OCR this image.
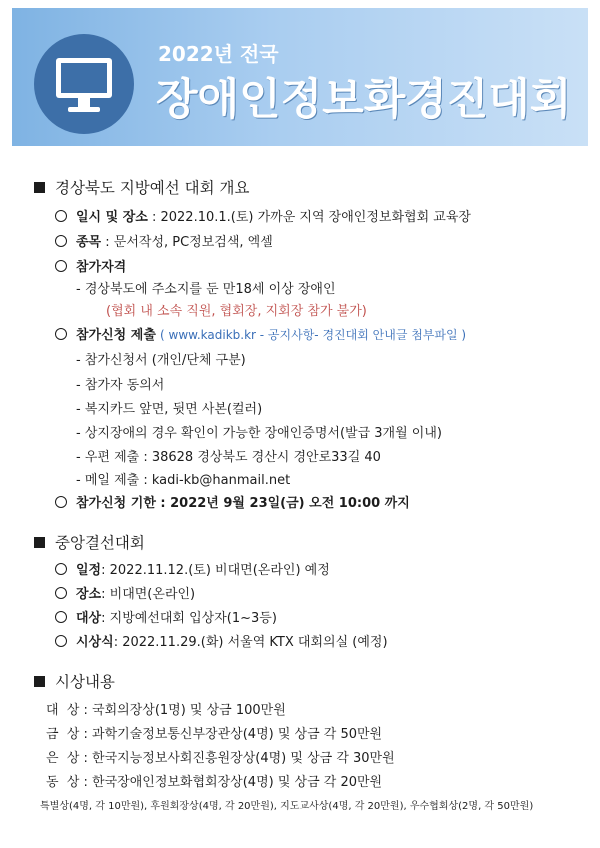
2022년 전국
장애인정보화경진대회
경상북도 지방예선 대회 개요
일시 및 장소 : 2022.10.1.(토) 가까운 지역 장애인정보화협회 교육장
종목 : 문서작성, PC정보검색, 엑셀
참가자격
- 경상북도에 주소지를 둔 만18세 이상 장애인
(협회 내 소속 직원, 협회장, 지회장 참가 불가)
참가신청 제출 ( www.kadikb.kr - 공지사항- 경진대회 안내글 첨부파일 )
- 참가신청서 (개인/단체 구분)
- 참가자 동의서
- 복지카드 앞면, 뒷면 사본(컬러)
- 상지장애의 경우 확인이 가능한 장애인증명서(발급 3개월 이내)
- 우편 제출 : 38628 경상북도 경산시 경안로33길 40
- 메일 제출 : kadi-kb@hanmail.net
참가신청 기한 : 2022년 9월 23일(금) 오전 10:00 까지
중앙결선대회
일정: 2022.11.12.(토) 비대면(온라인) 예정
장소: 비대면(온라인)
대상: 지방예선대회 입상자(1~3등)
시상식: 2022.11.29.(화) 서울역 KTX 대회의실 (예정)
시상내용
대  상 : 국회의장상(1명) 및 상금 100만원
금  상 : 과학기술정보통신부장관상(4명) 및 상금 각 50만원
은  상 : 한국지능정보사회진흥원장상(4명) 및 상금 각 30만원
동  상 : 한국장애인정보화협회장상(4명) 및 상금 각 20만원
특별상(4명, 각 10만원), 후원회장상(4명, 각 20만원), 지도교사상(4명, 각 20만원), 우수협회상(2명, 각 50만원)
